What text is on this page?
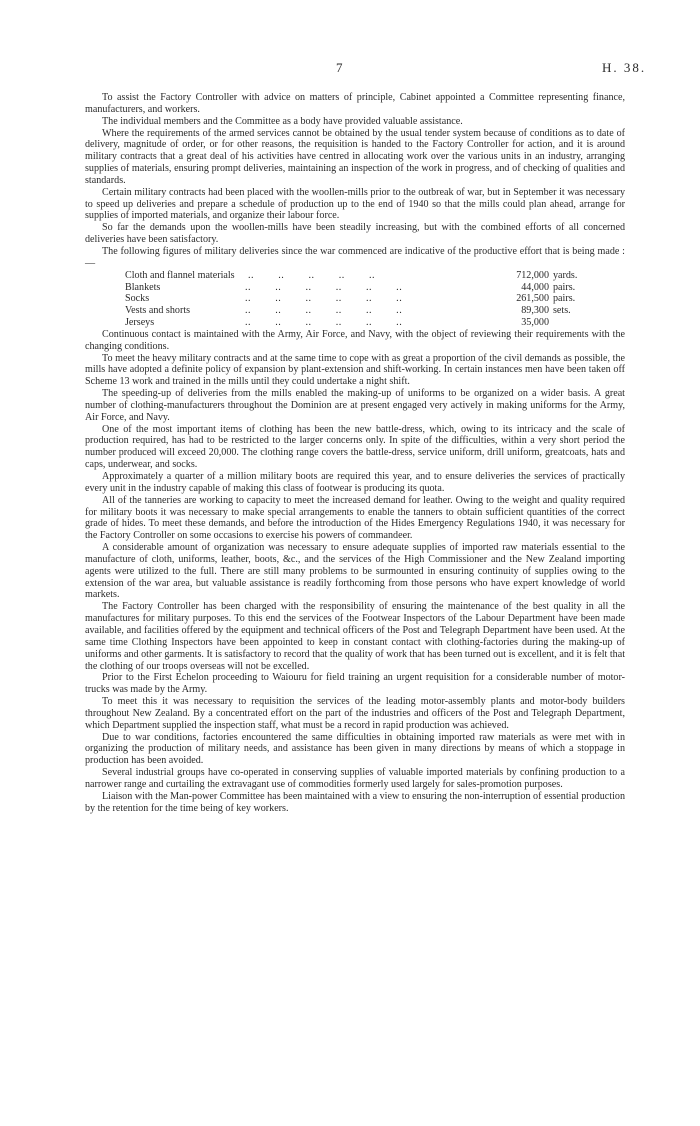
7	H. 38.

To assist the Factory Controller with advice on matters of principle, Cabinet appointed a Committee representing finance, manufacturers, and workers.

The individual members and the Committee as a body have provided valuable assistance.

Where the requirements of the armed services cannot be obtained by the usual tender system because of conditions as to date of delivery, magnitude of order, or for other reasons, the requisition is handed to the Factory Controller for action, and it is around military contracts that a great deal of his activities have centred in allocating work over the various units in an industry, arranging supplies of materials, ensuring prompt deliveries, maintaining an inspection of the work in progress, and of checking of qualities and standards.

Certain military contracts had been placed with the woollen-mills prior to the outbreak of war, but in September it was necessary to speed up deliveries and prepare a schedule of production up to the end of 1940 so that the mills could plan ahead, arrange for supplies of imported materials, and organize their labour force.

So far the demands upon the woollen-mills have been steadily increasing, but with the combined efforts of all concerned deliveries have been satisfactory.

The following figures of military deliveries since the war commenced are indicative of the productive effort that is being made : —

Cloth and flannel materials	..        ..        ..        ..        ..	712,000 yards.
Blankets	..        ..        ..        ..        ..        ..	44,000 pairs.
Socks	..        ..        ..        ..        ..        ..	261,500 pairs.
Vests and shorts	..        ..        ..        ..        ..        ..	89,300 sets.
Jerseys	..        ..        ..        ..        ..        ..	35,000

Continuous contact is maintained with the Army, Air Force, and Navy, with the object of reviewing their requirements with the changing conditions.

To meet the heavy military contracts and at the same time to cope with as great a proportion of the civil demands as possible, the mills have adopted a definite policy of expansion by plant-extension and shift-working. In certain instances men have been taken off Scheme 13 work and trained in the mills until they could undertake a night shift.

The speeding-up of deliveries from the mills enabled the making-up of uniforms to be organized on a wider basis. A great number of clothing-manufacturers throughout the Dominion are at present engaged very actively in making uniforms for the Army, Air Force, and Navy.

One of the most important items of clothing has been the new battle-dress, which, owing to its intricacy and the scale of production required, has had to be restricted to the larger concerns only. In spite of the difficulties, within a very short period the number produced will exceed 20,000. The clothing range covers the battle-dress, service uniform, drill uniform, greatcoats, hats and caps, underwear, and socks.

Approximately a quarter of a million military boots are required this year, and to ensure deliveries the services of practically every unit in the industry capable of making this class of footwear is producing its quota.

All of the tanneries are working to capacity to meet the increased demand for leather. Owing to the weight and quality required for military boots it was necessary to make special arrangements to enable the tanners to obtain sufficient quantities of the correct grade of hides. To meet these demands, and before the introduction of the Hides Emergency Regulations 1940, it was necessary for the Factory Controller on some occasions to exercise his powers of commandeer.

A considerable amount of organization was necessary to ensure adequate supplies of imported raw materials essential to the manufacture of cloth, uniforms, leather, boots, &c., and the services of the High Commissioner and the New Zealand importing agents were utilized to the full. There are still many problems to be surmounted in ensuring continuity of supplies owing to the extension of the war area, but valuable assistance is readily forthcoming from those persons who have expert knowledge of world markets.

The Factory Controller has been charged with the responsibility of ensuring the maintenance of the best quality in all the manufactures for military purposes. To this end the services of the Footwear Inspectors of the Labour Department have been made available, and facilities offered by the equipment and technical officers of the Post and Telegraph Department have been used. At the same time Clothing Inspectors have been appointed to keep in constant contact with clothing-factories during the making-up of uniforms and other garments. It is satisfactory to record that the quality of work that has been turned out is excellent, and it is felt that the clothing of our troops overseas will not be excelled.

Prior to the First Echelon proceeding to Waiouru for field training an urgent requisition for a considerable number of motor-trucks was made by the Army.

To meet this it was necessary to requisition the services of the leading motor-assembly plants and motor-body builders throughout New Zealand. By a concentrated effort on the part of the industries and officers of the Post and Telegraph Department, which Department supplied the inspection staff, what must be a record in rapid production was achieved.

Due to war conditions, factories encountered the same difficulties in obtaining imported raw materials as were met with in organizing the production of military needs, and assistance has been given in many directions by means of which a stoppage in production has been avoided.

Several industrial groups have co-operated in conserving supplies of valuable imported materials by confining production to a narrower range and curtailing the extravagant use of commodities formerly used largely for sales-promotion purposes.

Liaison with the Man-power Committee has been maintained with a view to ensuring the non-interruption of essential production by the retention for the time being of key workers.
